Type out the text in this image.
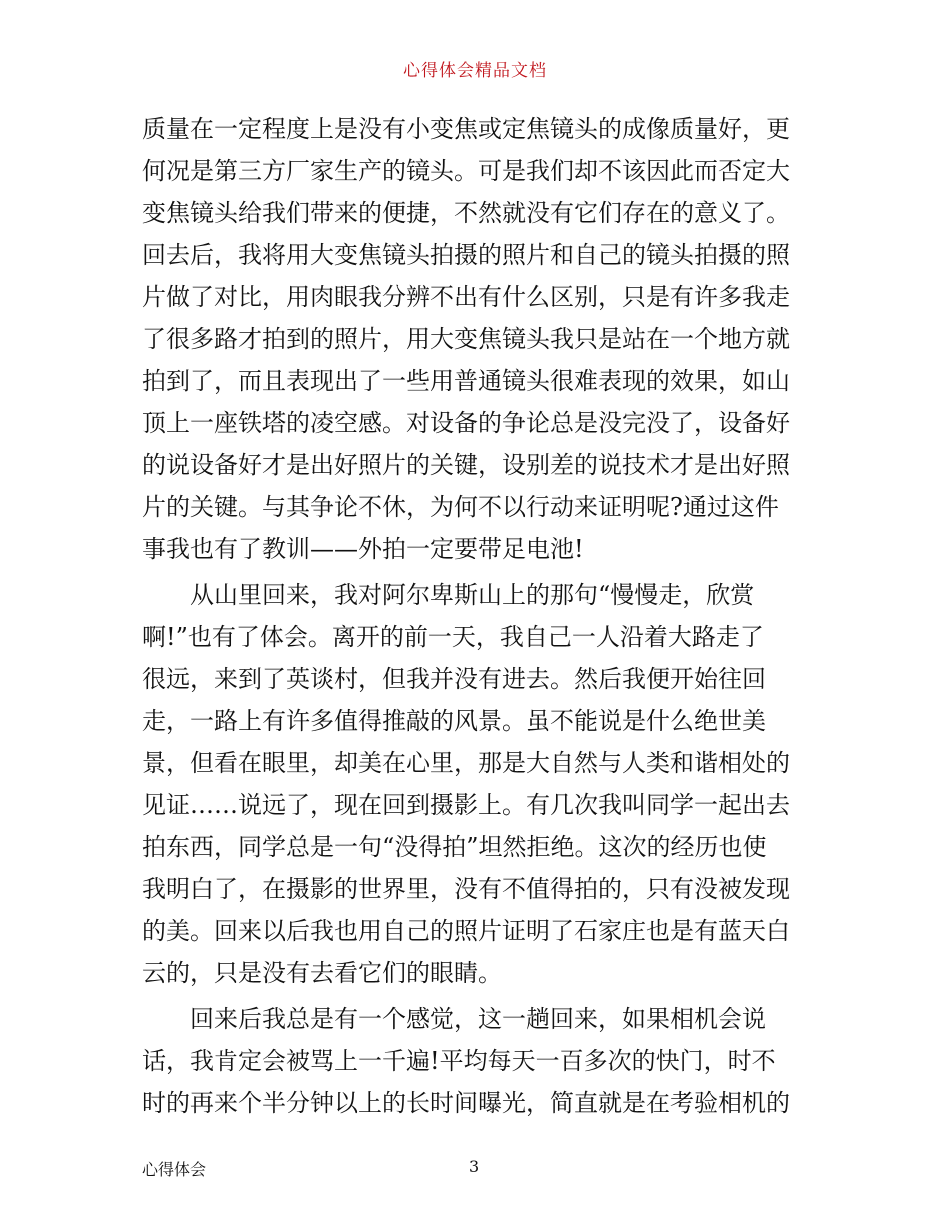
心得体会精品文档
质量在一定程度上是没有小变焦或定焦镜头的成像质量好，更
何况是第三方厂家生产的镜头。可是我们却不该因此而否定大
变焦镜头给我们带来的便捷，不然就没有它们存在的意义了。
回去后，我将用大变焦镜头拍摄的照片和自己的镜头拍摄的照
片做了对比，用肉眼我分辨不出有什么区别，只是有许多我走
了很多路才拍到的照片，用大变焦镜头我只是站在一个地方就
拍到了，而且表现出了一些用普通镜头很难表现的效果，如山
顶上一座铁塔的凌空感。对设备的争论总是没完没了，设备好
的说设备好才是出好照片的关键，设别差的说技术才是出好照
片的关键。与其争论不休，为何不以行动来证明呢?通过这件
事我也有了教训——外拍一定要带足电池!
　　从山里回来，我对阿尔卑斯山上的那句“慢慢走，欣赏
啊!”也有了体会。离开的前一天，我自己一人沿着大路走了
很远，来到了英谈村，但我并没有进去。然后我便开始往回
走，一路上有许多值得推敲的风景。虽不能说是什么绝世美
景，但看在眼里，却美在心里，那是大自然与人类和谐相处的
见证……说远了，现在回到摄影上。有几次我叫同学一起出去
拍东西，同学总是一句“没得拍”坦然拒绝。这次的经历也使
我明白了，在摄影的世界里，没有不值得拍的，只有没被发现
的美。回来以后我也用自己的照片证明了石家庄也是有蓝天白
云的，只是没有去看它们的眼睛。
　　回来后我总是有一个感觉，这一趟回来，如果相机会说
话，我肯定会被骂上一千遍!平均每天一百多次的快门，时不
时的再来个半分钟以上的长时间曝光，简直就是在考验相机的
心得体会	3
